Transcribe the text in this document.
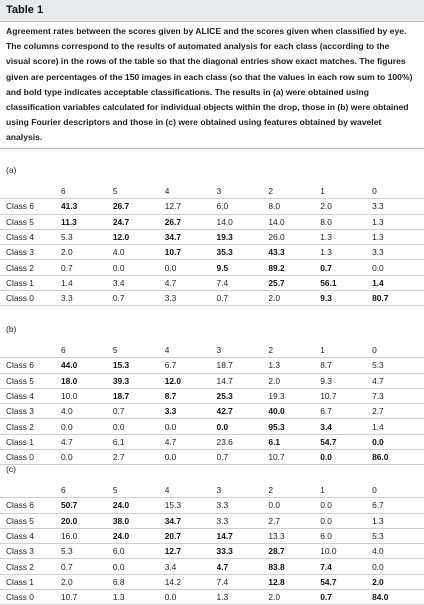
Table 1
Agreement rates between the scores given by ALICE and the scores given when classified by eye. The columns correspond to the results of automated analysis for each class (according to the visual score) in the rows of the table so that the diagonal entries show exact matches. The figures given are percentages of the 150 images in each class (so that the values in each row sum to 100%) and bold type indicates acceptable classifications. The results in (a) were obtained using classification variables calculated for individual objects within the drop, those in (b) were obtained using Fourier descriptors and those in (c) were obtained using features obtained by wavelet analysis.
(a)
	6	5	4	3	2	1	0
Class 6	41.3	26.7	12.7	6.0	8.0	2.0	3.3
Class 5	11.3	24.7	26.7	14.0	14.0	8.0	1.3
Class 4	5.3	12.0	34.7	19.3	26.0	1.3	1.3
Class 3	2.0	4.0	10.7	35.3	43.3	1.3	3.3
Class 2	0.7	0.0	0.0	9.5	89.2	0.7	0.0
Class 1	1.4	3.4	4.7	7.4	25.7	56.1	1.4
Class 0	3.3	0.7	3.3	0.7	2.0	9.3	80.7
(b)
	6	5	4	3	2	1	0
Class 6	44.0	15.3	6.7	18.7	1.3	8.7	5.3
Class 5	18.0	39.3	12.0	14.7	2.0	9.3	4.7
Class 4	10.0	18.7	8.7	25.3	19.3	10.7	7.3
Class 3	4.0	0.7	3.3	42.7	40.0	6.7	2.7
Class 2	0.0	0.0	0.0	0.0	95.3	3.4	1.4
Class 1	4.7	6.1	4.7	23.6	6.1	54.7	0.0
Class 0	0.0	2.7	0.0	0.7	10.7	0.0	86.0
(c)
	6	5	4	3	2	1	0
Class 6	50.7	24.0	15.3	3.3	0.0	0.0	6.7
Class 5	20.0	38.0	34.7	3.3	2.7	0.0	1.3
Class 4	16.0	24.0	20.7	14.7	13.3	6.0	5.3
Class 3	5.3	6.0	12.7	33.3	28.7	10.0	4.0
Class 2	0.7	0.0	3.4	4.7	83.8	7.4	0.0
Class 1	2.0	6.8	14.2	7.4	12.8	54.7	2.0
Class 0	10.7	1.3	0.0	1.3	2.0	0.7	84.0
